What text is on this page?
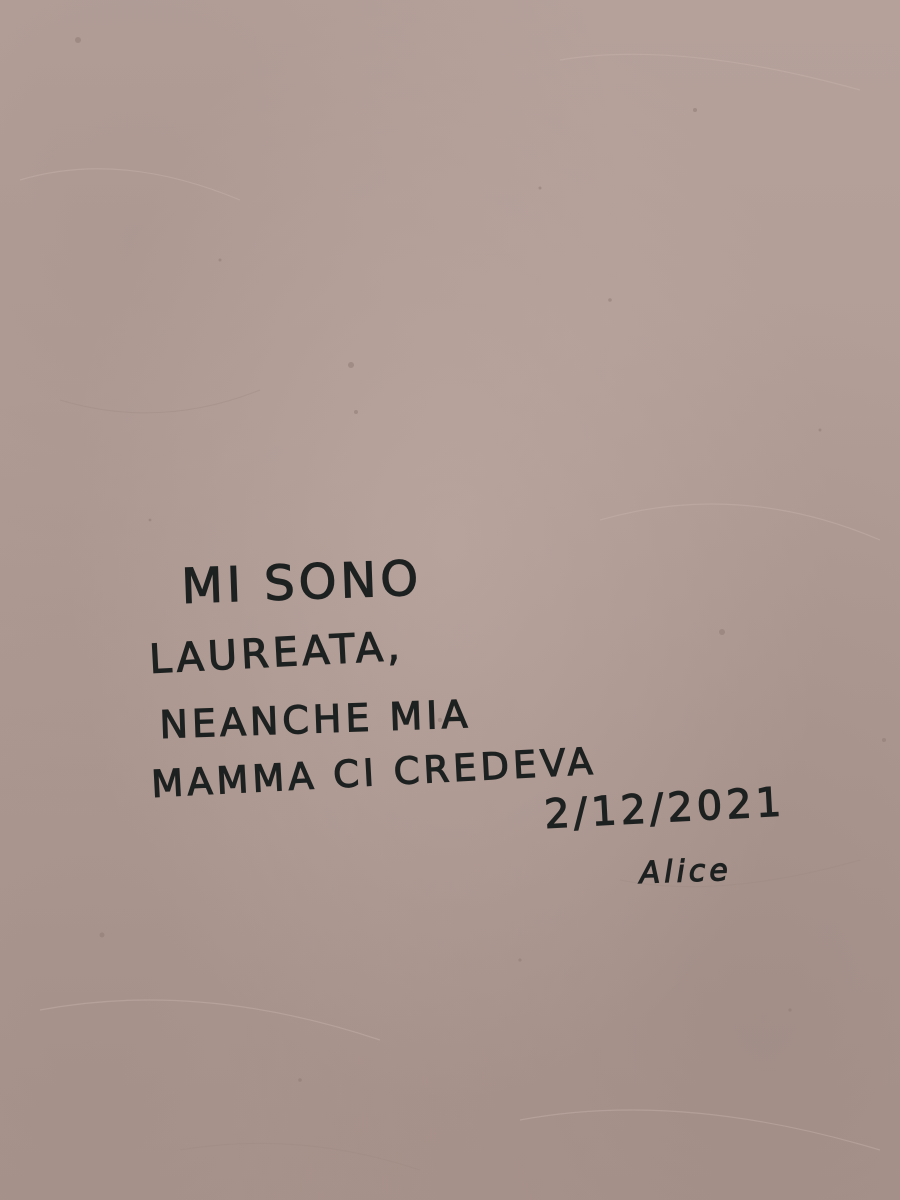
MI SONO
LAUREATA,
NEANCHE MIA
MAMMA CI CREDEVA
2/12/2021
Alice
